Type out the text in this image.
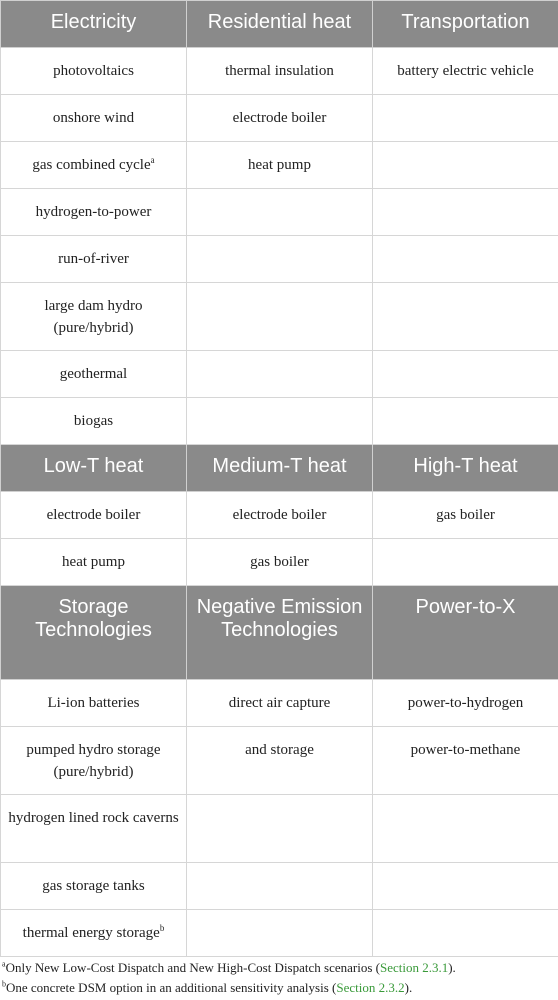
Electricity	Residential heat	Transportation
photovoltaics	thermal insulation	battery electric vehicle
onshore wind	electrode boiler	
gas combined cycle$^a$	heat pump	
hydrogen-to-power		
run-of-river		
large dam hydro (pure/hybrid)		
geothermal		
biogas		
Low-T heat	Medium-T heat	High-T heat
electrode boiler	electrode boiler	gas boiler
heat pump	gas boiler	
Storage Technologies	Negative Emission Technologies	Power-to-X
Li-ion batteries	direct air capture	power-to-hydrogen
pumped hydro storage (pure/hybrid)	and storage	power-to-methane
hydrogen lined rock caverns		
gas storage tanks		
thermal energy storage$^b$		
$^a$Only New Low-Cost Dispatch and New High-Cost Dispatch scenarios (Section 2.3.1).
$^b$One concrete DSM option in an additional sensitivity analysis (Section 2.3.2).
